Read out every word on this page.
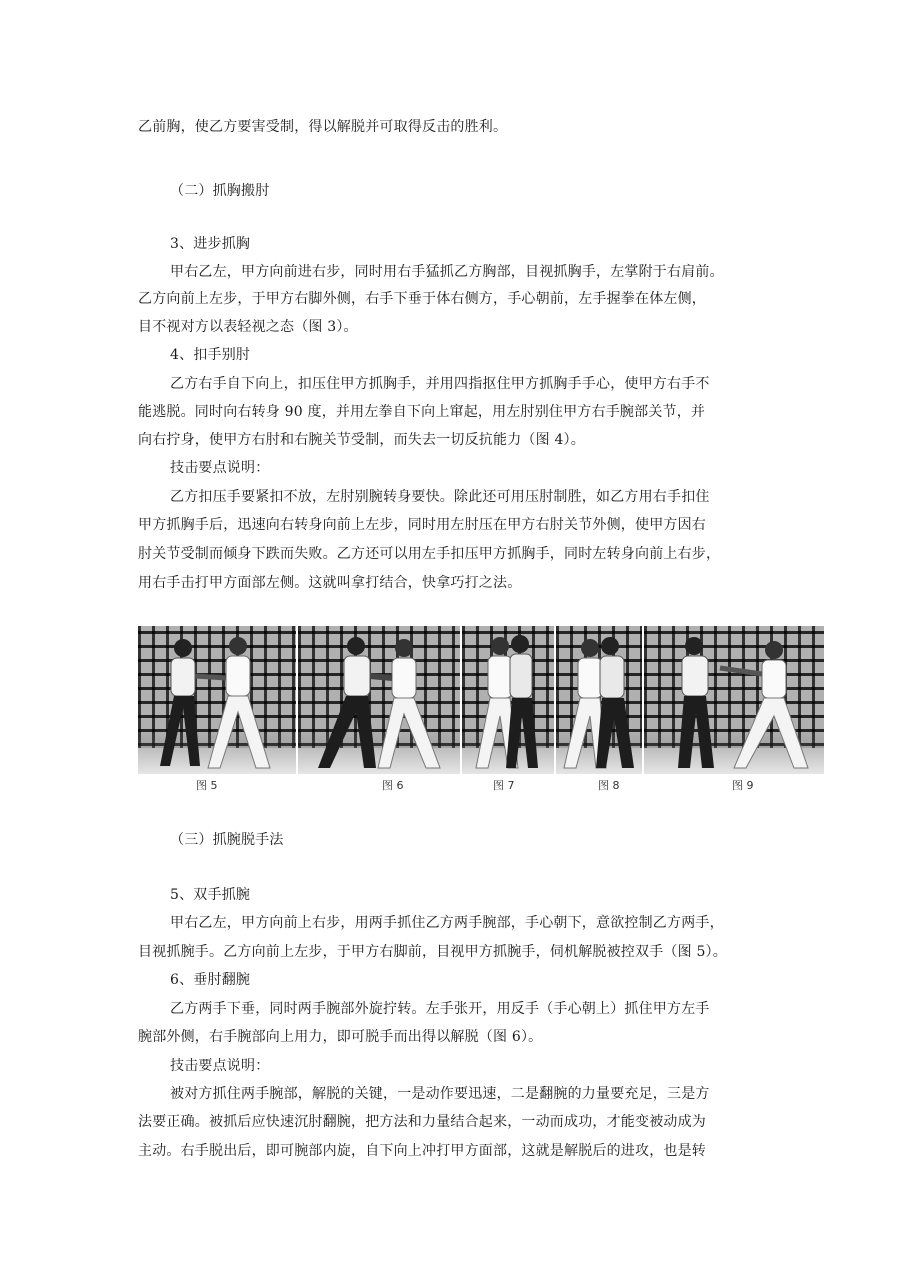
乙前胸，使乙方要害受制，得以解脱并可取得反击的胜利。
（二）抓胸搬肘
3、进步抓胸
甲右乙左，甲方向前进右步，同时用右手猛抓乙方胸部，目视抓胸手，左掌附于右肩前。
乙方向前上左步，于甲方右脚外侧，右手下垂于体右侧方，手心朝前，左手握拳在体左侧，
目不视对方以表轻视之态（图 3）。
4、扣手别肘
乙方右手自下向上，扣压住甲方抓胸手，并用四指抠住甲方抓胸手手心，使甲方右手不
能逃脱。同时向右转身 90 度，并用左拳自下向上窜起，用左肘别住甲方右手腕部关节，并
向右拧身，使甲方右肘和右腕关节受制，而失去一切反抗能力（图 4）。
技击要点说明：
乙方扣压手要紧扣不放，左肘别腕转身要快。除此还可用压肘制胜，如乙方用右手扣住
甲方抓胸手后，迅速向右转身向前上左步，同时用左肘压在甲方右肘关节外侧，使甲方因右
肘关节受制而倾身下跌而失败。乙方还可以用左手扣压甲方抓胸手，同时左转身向前上右步，
用右手击打甲方面部左侧。这就叫拿打结合，快拿巧打之法。
图 5	图 6	图 7	图 8	图 9
（三）抓腕脱手法
5、双手抓腕
甲右乙左，甲方向前上右步，用两手抓住乙方两手腕部，手心朝下，意欲控制乙方两手，
目视抓腕手。乙方向前上左步，于甲方右脚前，目视甲方抓腕手，伺机解脱被控双手（图 5）。
6、垂肘翻腕
乙方两手下垂，同时两手腕部外旋拧转。左手张开，用反手（手心朝上）抓住甲方左手
腕部外侧，右手腕部向上用力，即可脱手而出得以解脱（图 6）。
技击要点说明：
被对方抓住两手腕部，解脱的关键，一是动作要迅速，二是翻腕的力量要充足，三是方
法要正确。被抓后应快速沉肘翻腕，把方法和力量结合起来，一动而成功，才能变被动成为
主动。右手脱出后，即可腕部内旋，自下向上冲打甲方面部，这就是解脱后的进攻，也是转
